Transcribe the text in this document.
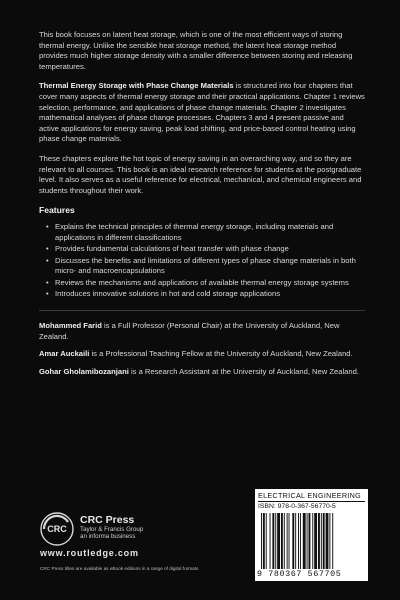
This book focuses on latent heat storage, which is one of the most efficient ways of storing thermal energy. Unlike the sensible heat storage method, the latent heat storage method provides much higher storage density with a smaller difference between storing and releasing temperatures.

Thermal Energy Storage with Phase Change Materials is structured into four chapters that cover many aspects of thermal energy storage and their practical applications. Chapter 1 reviews selection, performance, and applications of phase change materials. Chapter 2 investigates mathematical analyses of phase change processes. Chapters 3 and 4 present passive and active applications for energy saving, peak load shifting, and price-based control heating using phase change materials.

These chapters explore the hot topic of energy saving in an overarching way, and so they are relevant to all courses. This book is an ideal research reference for students at the postgraduate level. It also serves as a useful reference for electrical, mechanical, and chemical engineers and students throughout their work.

Features
• Explains the technical principles of thermal energy storage, including materials and applications in different classifications
• Provides fundamental calculations of heat transfer with phase change
• Discusses the benefits and limitations of different types of phase change materials in both micro- and macroencapsulations
• Reviews the mechanisms and applications of available thermal energy storage systems
• Introduces innovative solutions in hot and cold storage applications

Mohammed Farid is a Full Professor (Personal Chair) at the University of Auckland, New Zealand.

Amar Auckaili is a Professional Teaching Fellow at the University of Auckland, New Zealand.

Gohar Gholamibozanjani is a Research Assistant at the University of Auckland, New Zealand.

CRC
CRC Press
Taylor & Francis Group
an informa business
www.routledge.com
CRC Press titles are available as eBook editions in a range of digital formats
ELECTRICAL ENGINEERING
ISBN: 978-0-367-56770-5
9 780367 567705
